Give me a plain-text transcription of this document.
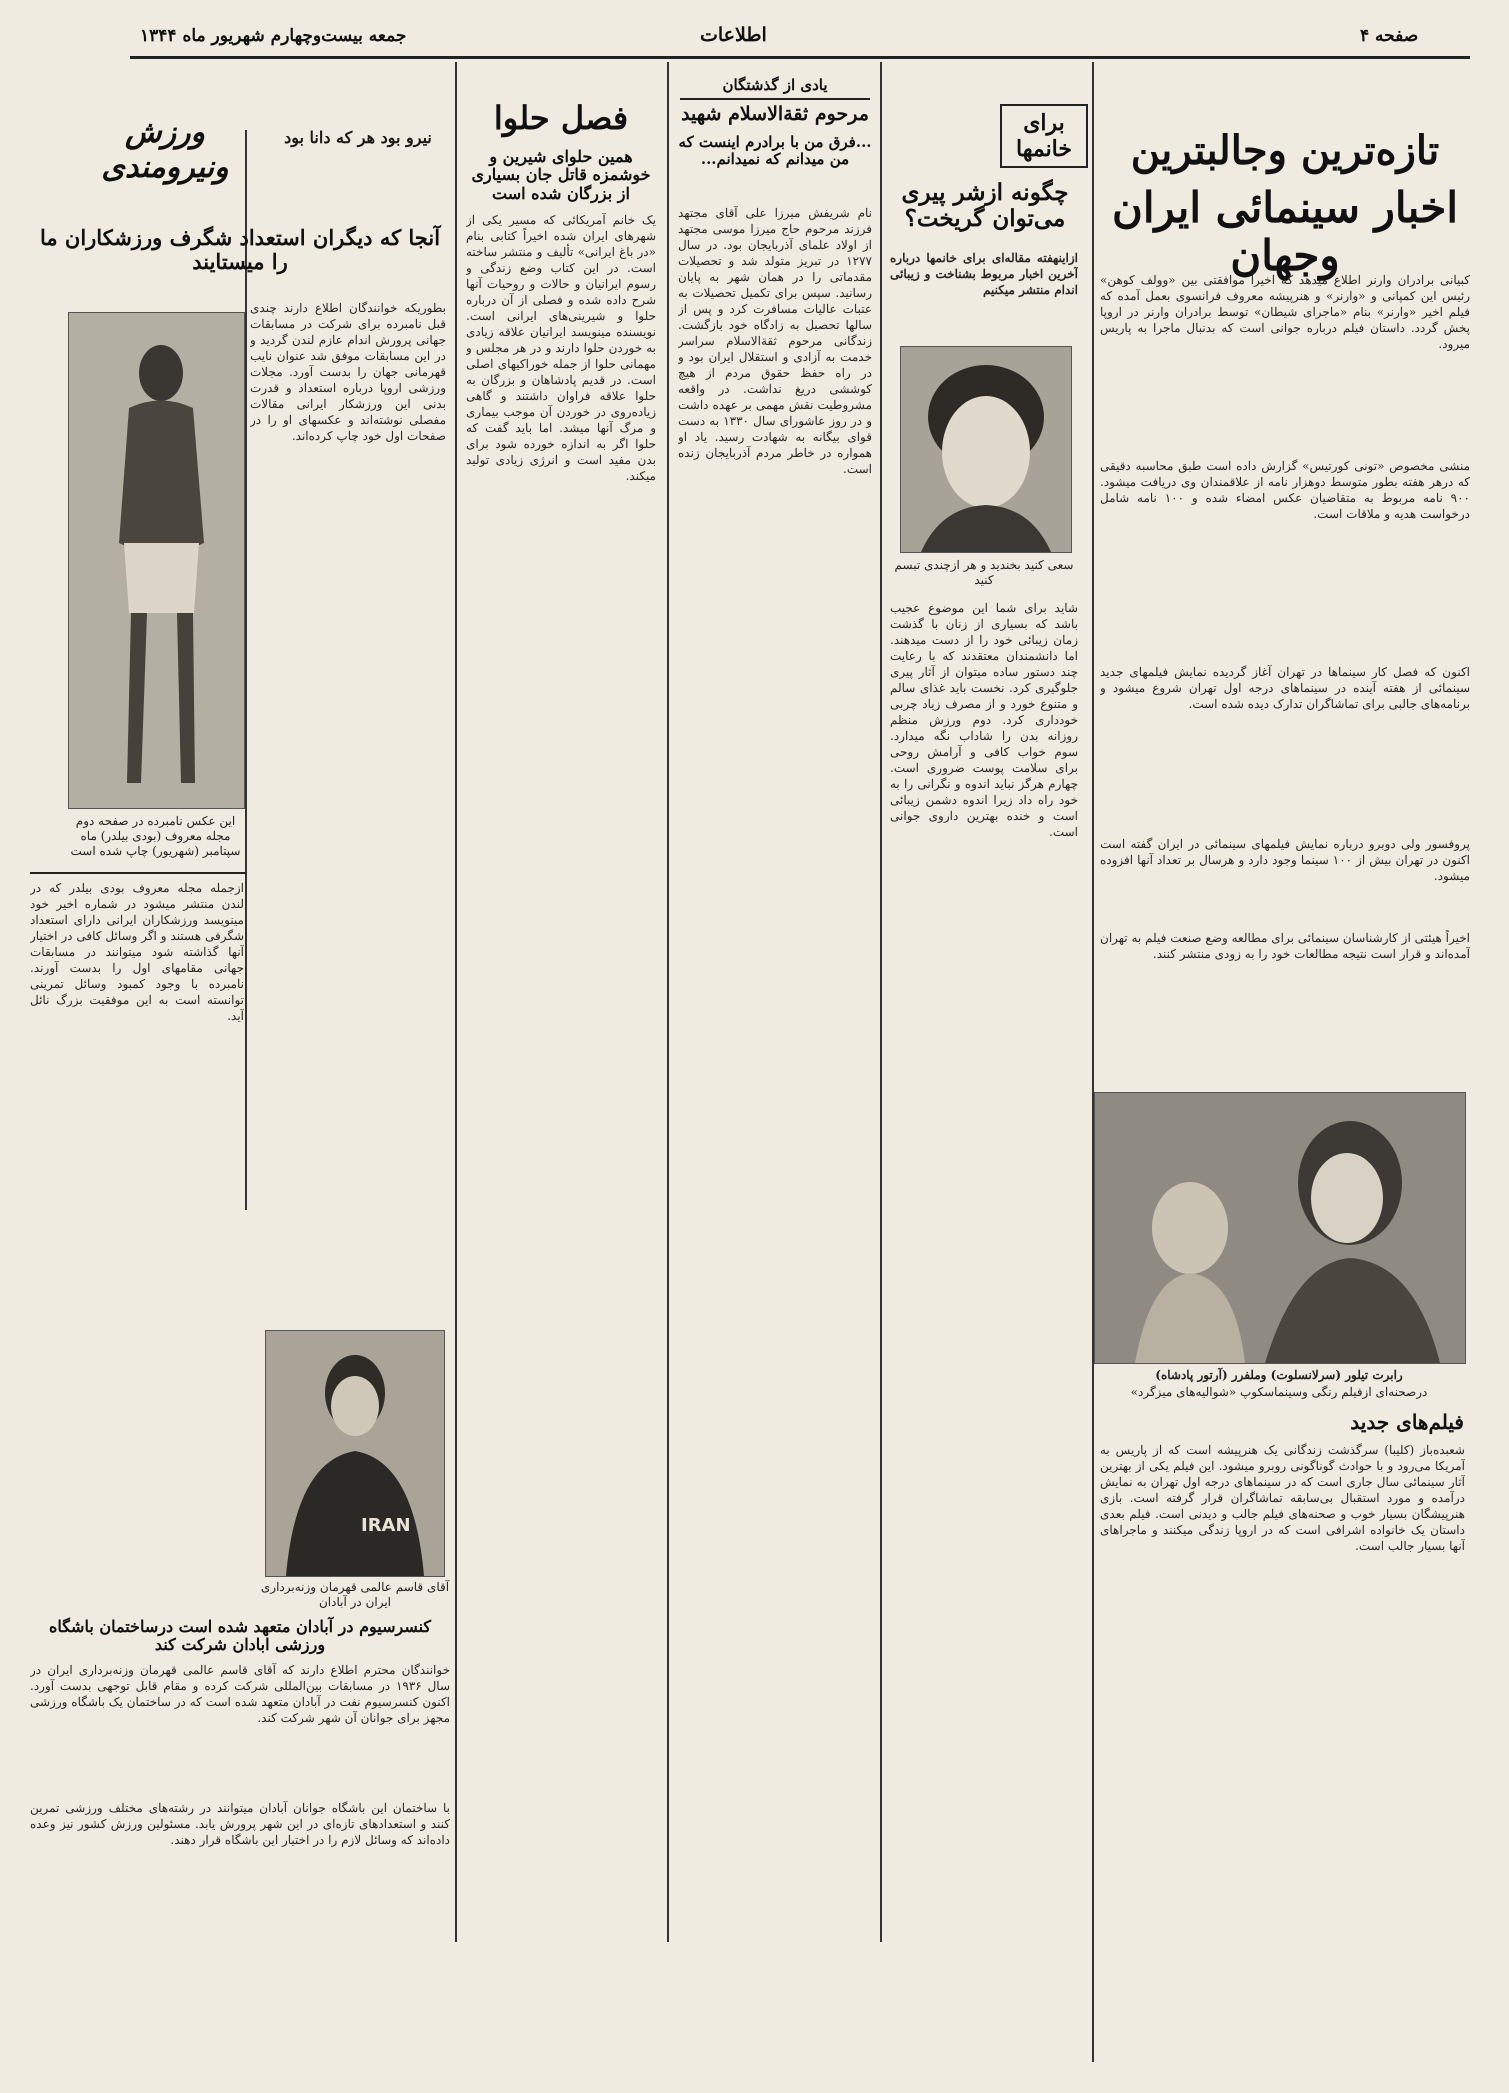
صفحه ۴
اطلاعات
جمعه بیست‌وچهارم شهریور ماه ۱۳۴۴
تازه‌ترین وجالبترین
اخبار سینمائی ایران وجهان
کبیانی برادران وارنر اطلاع میدهد که اخیراً موافقتی بین «وولف کوهن» رئیس این کمپانی و «وارنر» و هنرپیشه معروف فرانسوی بعمل آمده که فیلم اخیر «وارنر» بنام «ماجرای شیطان» توسط برادران وارنر در اروپا پخش گردد. داستان فیلم درباره جوانی است که بدنبال ماجرا به پاریس میرود.
منشی مخصوص «تونی کورتیس» گزارش داده است طبق محاسبه دقیقی که درهر هفته بطور متوسط دوهزار نامه از علاقمندان وی دریافت میشود. ۹۰۰ نامه مربوط به متقاضیان عکس امضاء شده و ۱۰۰ نامه شامل درخواست هدیه و ملاقات است.
اکنون که فصل کار سینماها در تهران آغاز گردیده نمایش فیلمهای جدید سینمائی از هفته آینده در سینماهای درجه اول تهران شروع میشود و برنامه‌های جالبی برای تماشاگران تدارک دیده شده است.
پروفسور ولی دوبرو درباره نمایش فیلمهای سینمائی در ایران گفته است اکنون در تهران بیش از ۱۰۰ سینما وجود دارد و هرسال بر تعداد آنها افزوده میشود.
اخیراً هیئتی از کارشناسان سینمائی برای مطالعه وضع صنعت فیلم به تهران آمده‌اند و قرار است نتیجه مطالعات خود را به زودی منتشر کنند.
رابرت تیلور (سرلانسلوت) وملفرر (آرتور پادشاه)
درصحنه‌ای ازفیلم رنگی وسینماسکوپ «شوالیه‌های میزگرد»
فیلم‌های جدید
شعبده‌باز (کلیبا) سرگذشت زندگانی یک هنرپیشه است که از پاریس به آمریکا می‌رود و با حوادث گوناگونی روبرو میشود. این فیلم یکی از بهترین آثار سینمائی سال جاری است که در سینماهای درجه اول تهران به نمایش درآمده و مورد استقبال بی‌سابقه تماشاگران قرار گرفته است. بازی هنرپیشگان بسیار خوب و صحنه‌های فیلم جالب و دیدنی است. فیلم بعدی داستان یک خانواده اشرافی است که در اروپا زندگی میکنند و ماجراهای آنها بسیار جالب است.
برای خانمها
چگونه ازشر پیری می‌توان گریخت؟
ازاینهفته مقاله‌ای برای خانمها درباره آخرین اخبار مربوط بشناخت و زیبائی اندام منتشر میکنیم
سعی کنید بخندید و هر ازچندی تبسم کنید
شاید برای شما این موضوع عجیب باشد که بسیاری از زنان با گذشت زمان زیبائی خود را از دست میدهند. اما دانشمندان معتقدند که با رعایت چند دستور ساده میتوان از آثار پیری جلوگیری کرد. نخست باید غذای سالم و متنوع خورد و از مصرف زیاد چربی خودداری کرد. دوم ورزش منظم روزانه بدن را شاداب نگه میدارد. سوم خواب کافی و آرامش روحی برای سلامت پوست ضروری است. چهارم هرگز نباید اندوه و نگرانی را به خود راه داد زیرا اندوه دشمن زیبائی است و خنده بهترین داروی جوانی است.
یادی از گذشتگان
مرحوم ثقة‌الاسلام شهید
...فرق من با برادرم اینست که من میدانم که نمیدانم...
نام شریفش میرزا علی آقای مجتهد فرزند مرحوم حاج میرزا موسی مجتهد از اولاد علمای آذربایجان بود. در سال ۱۲۷۷ در تبریز متولد شد و تحصیلات مقدماتی را در همان شهر به پایان رسانید. سپس برای تکمیل تحصیلات به عتبات عالیات مسافرت کرد و پس از سالها تحصیل به زادگاه خود بازگشت. زندگانی مرحوم ثقة‌الاسلام سراسر خدمت به آزادی و استقلال ایران بود و در راه حفظ حقوق مردم از هیچ کوششی دریغ نداشت. در واقعه مشروطیت نقش مهمی بر عهده داشت و در روز عاشورای سال ۱۳۳۰ به دست قوای بیگانه به شهادت رسید. یاد او همواره در خاطر مردم آذربایجان زنده است.
فصل حلوا
همین حلوای شیرین و خوشمزه قاتل جان بسیاری از بزرگان شده است
یک خانم آمریکائی که مسیر یکی از شهرهای ایران شده اخیراً کتابی بنام «در باغ ایرانی» تألیف و منتشر ساخته است. در این کتاب وضع زندگی و رسوم ایرانیان و حالات و روحیات آنها شرح داده شده و فصلی از آن درباره حلوا و شیرینی‌های ایرانی است. نویسنده مینویسد ایرانیان علاقه زیادی به خوردن حلوا دارند و در هر مجلس و مهمانی حلوا از جمله خوراکیهای اصلی است. در قدیم پادشاهان و بزرگان به حلوا علاقه فراوان داشتند و گاهی زیاده‌روی در خوردن آن موجب بیماری و مرگ آنها میشد. اما باید گفت که حلوا اگر به اندازه خورده شود برای بدن مفید است و انرژی زیادی تولید میکند.
نیرو بود هر که دانا بود
ورزش ونیرومندی
آنجا که دیگران استعداد شگرف ورزشکاران ما را میستایند
بطوریکه خوانندگان اطلاع دارند چندی قبل نامبرده برای شرکت در مسابقات جهانی پرورش اندام عازم لندن گردید و در این مسابقات موفق شد عنوان نایب قهرمانی جهان را بدست آورد. مجلات ورزشی اروپا درباره استعداد و قدرت بدنی این ورزشکار ایرانی مقالات مفصلی نوشته‌اند و عکسهای او را در صفحات اول خود چاپ کرده‌اند.
این عکس نامبرده در صفحه دوم مجله معروف (بودی بیلدر) ماه سپتامبر (شهریور) چاپ شده است
ازجمله مجله معروف بودی بیلدر که در لندن منتشر میشود در شماره اخیر خود مینویسد ورزشکاران ایرانی دارای استعداد شگرفی هستند و اگر وسائل کافی در اختیار آنها گذاشته شود میتوانند در مسابقات جهانی مقامهای اول را بدست آورند. نامبرده با وجود کمبود وسائل تمرینی توانسته است به این موفقیت بزرگ نائل آید.
IRAN
آقای قاسم عالمی قهرمان وزنه‌برداری ایران در آبادان
کنسرسیوم در آبادان متعهد شده است درساختمان باشگاه ورزشی ابادان شرکت کند
خوانندگان محترم اطلاع دارند که آقای قاسم عالمی قهرمان وزنه‌برداری ایران در سال ۱۹۳۶ در مسابقات بین‌المللی شرکت کرده و مقام قابل توجهی بدست آورد. اکنون کنسرسیوم نفت در آبادان متعهد شده است که در ساختمان یک باشگاه ورزشی مجهز برای جوانان آن شهر شرکت کند.
با ساختمان این باشگاه جوانان آبادان میتوانند در رشته‌های مختلف ورزشی تمرین کنند و استعدادهای تازه‌ای در این شهر پرورش یابد. مسئولین ورزش کشور نیز وعده داده‌اند که وسائل لازم را در اختیار این باشگاه قرار دهند.
